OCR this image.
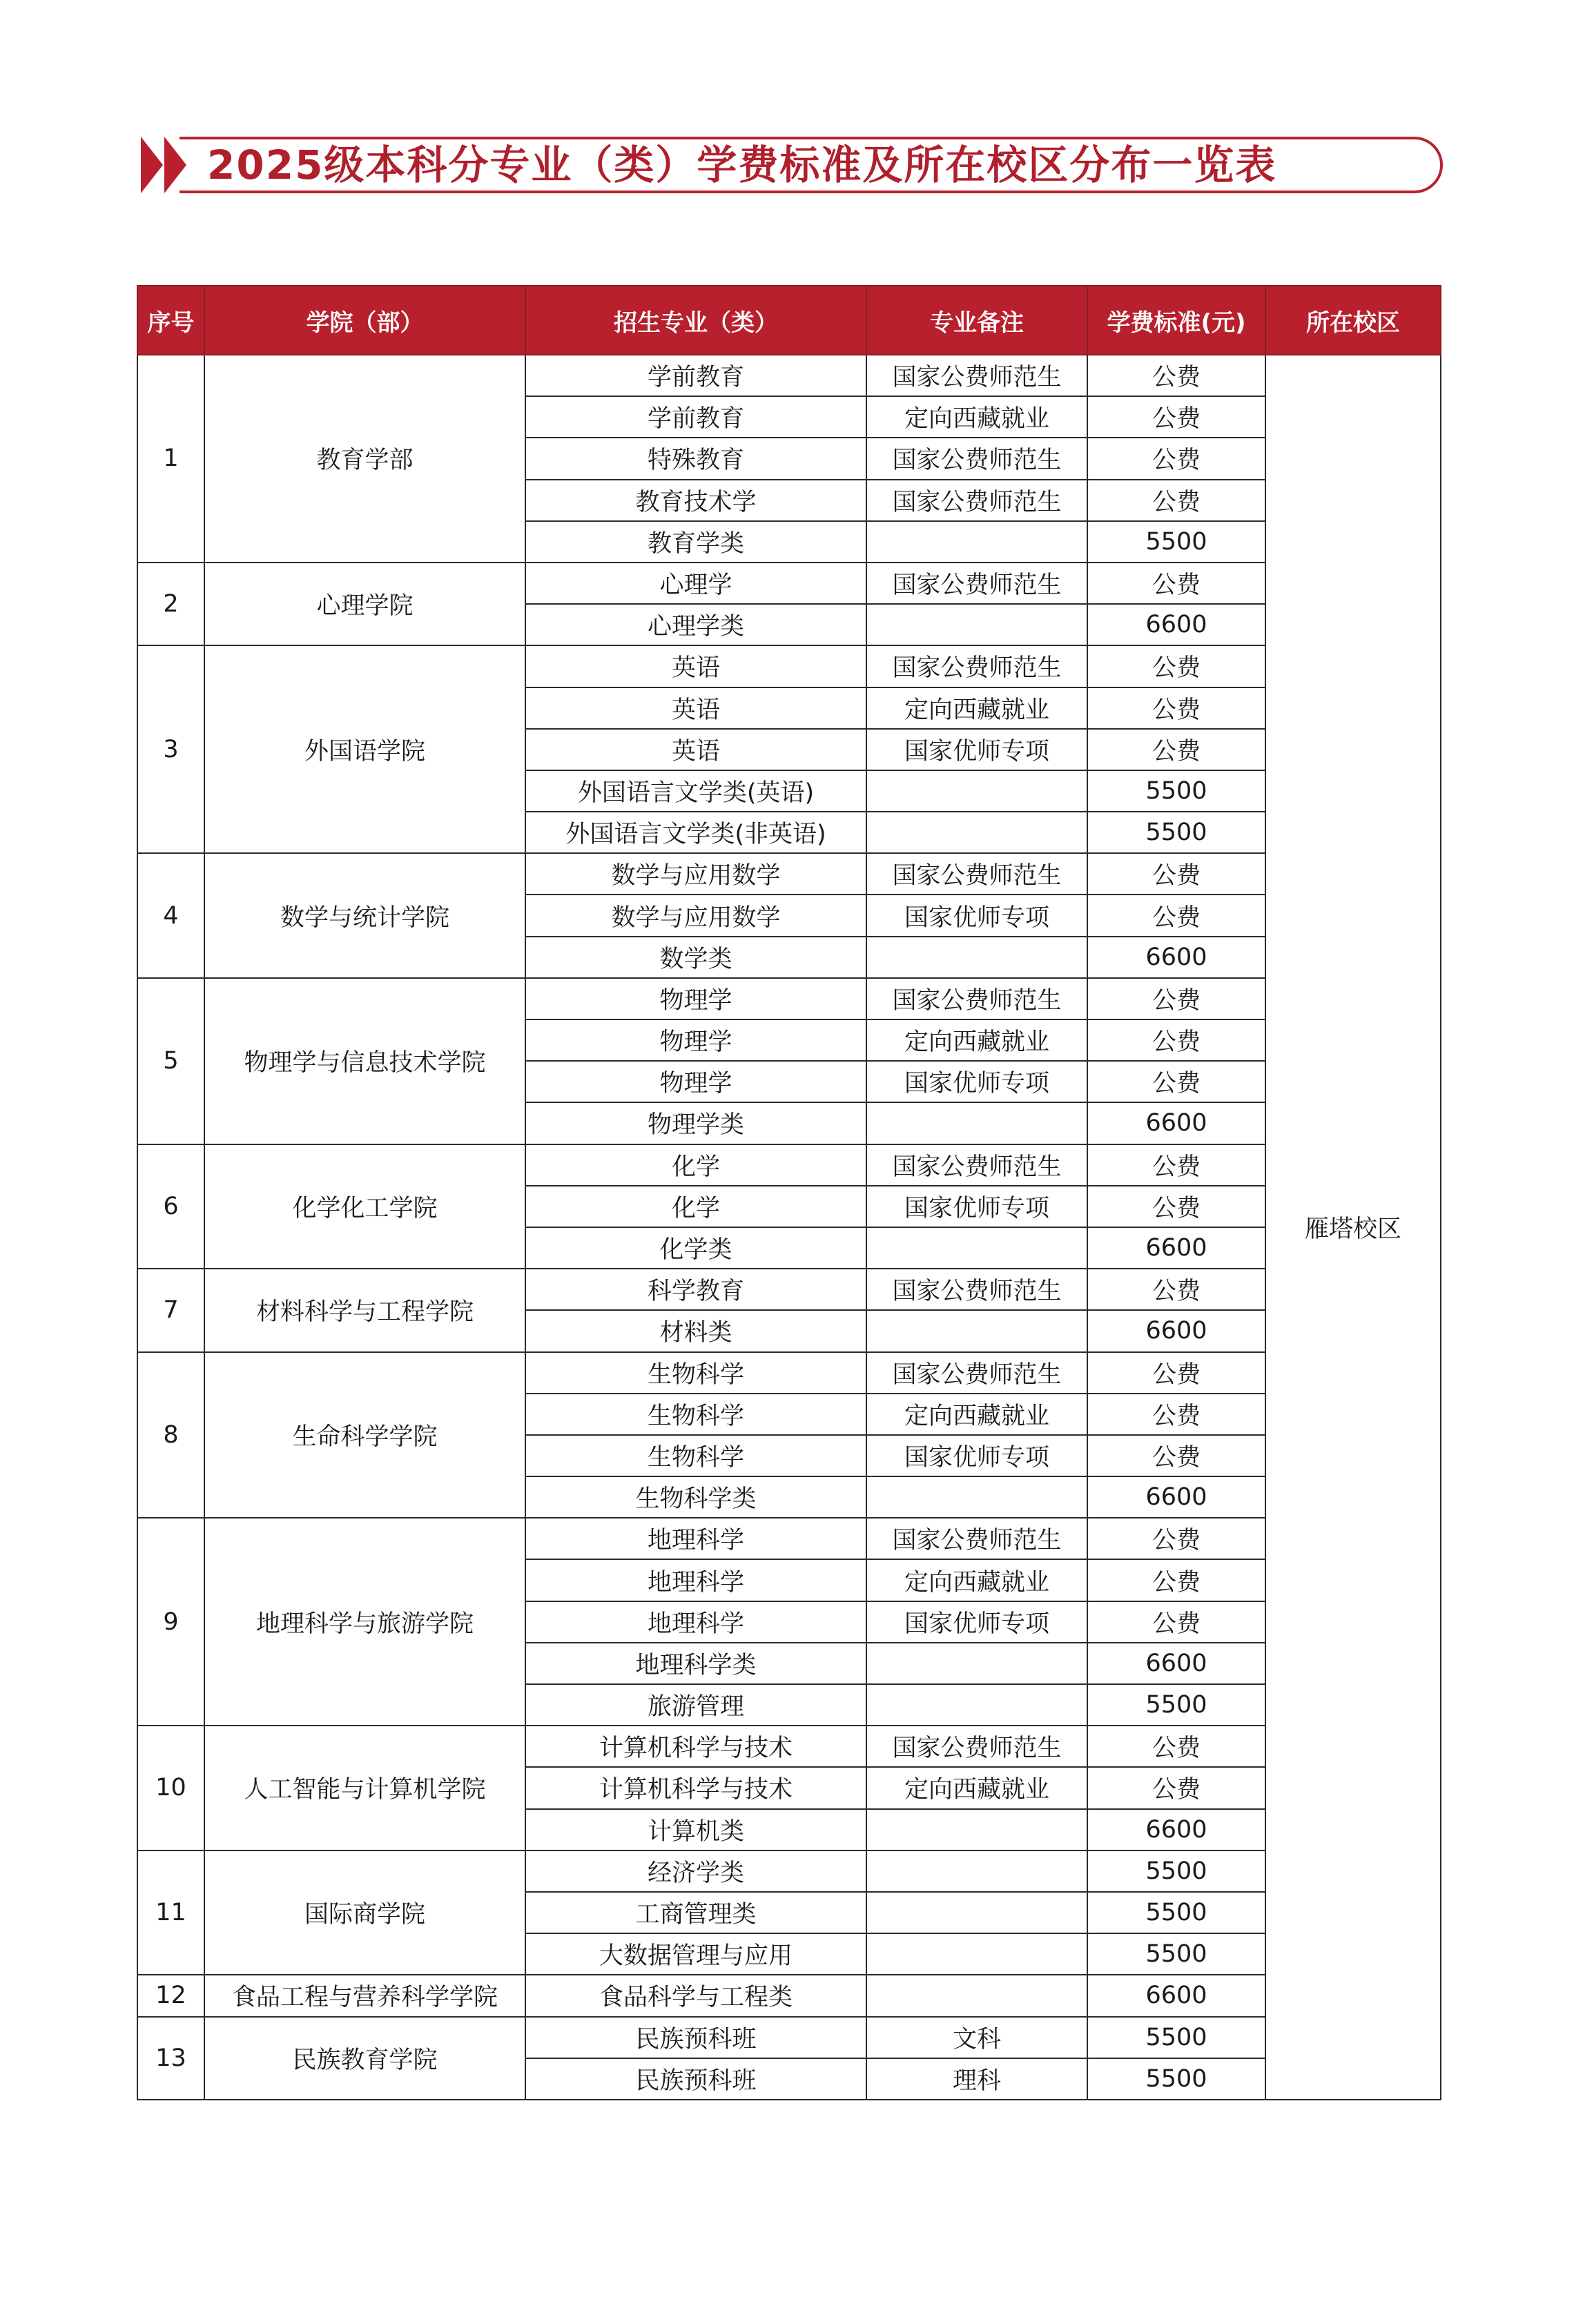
2025级本科分专业（类）学费标准及所在校区分布一览表
序号	学院（部）	招生专业（类）	专业备注	学费标准(元)	所在校区
1	教育学部	学前教育	国家公费师范生	公费	雁塔校区
		学前教育	定向西藏就业	公费	
		特殊教育	国家公费师范生	公费	
		教育技术学	国家公费师范生	公费	
		教育学类		5500	
2	心理学院	心理学	国家公费师范生	公费	
		心理学类		6600	
3	外国语学院	英语	国家公费师范生	公费	
		英语	定向西藏就业	公费	
		英语	国家优师专项	公费	
		外国语言文学类(英语)		5500	
		外国语言文学类(非英语)		5500	
4	数学与统计学院	数学与应用数学	国家公费师范生	公费	
		数学与应用数学	国家优师专项	公费	
		数学类		6600	
5	物理学与信息技术学院	物理学	国家公费师范生	公费	
		物理学	定向西藏就业	公费	
		物理学	国家优师专项	公费	
		物理学类		6600	
6	化学化工学院	化学	国家公费师范生	公费	
		化学	国家优师专项	公费	
		化学类		6600	
7	材料科学与工程学院	科学教育	国家公费师范生	公费	
		材料类		6600	
8	生命科学学院	生物科学	国家公费师范生	公费	
		生物科学	定向西藏就业	公费	
		生物科学	国家优师专项	公费	
		生物科学类		6600	
9	地理科学与旅游学院	地理科学	国家公费师范生	公费	
		地理科学	定向西藏就业	公费	
		地理科学	国家优师专项	公费	
		地理科学类		6600	
		旅游管理		5500	
10	人工智能与计算机学院	计算机科学与技术	国家公费师范生	公费	
		计算机科学与技术	定向西藏就业	公费	
		计算机类		6600	
11	国际商学院	经济学类		5500	
		工商管理类		5500	
		大数据管理与应用		5500	
12	食品工程与营养科学学院	食品科学与工程类		6600	
13	民族教育学院	民族预科班	文科	5500	
		民族预科班	理科	5500	
